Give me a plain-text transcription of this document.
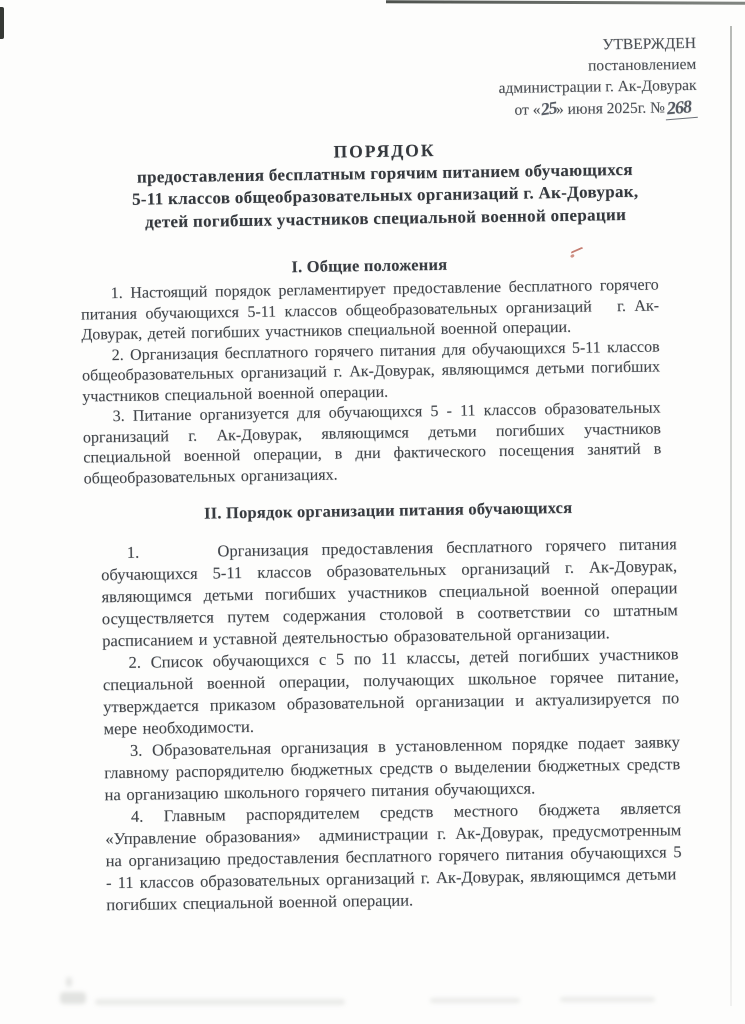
УТВЕРЖДЕН
постановлением
администрации г. Ак-Довурак
от «25» июня 2025г. №268
ПОРЯДОК
предоставления бесплатным горячим питанием обучающихся
5-11 классов общеобразовательных организаций г. Ак-Довурак,
детей погибших участников специальной военной операции
I. Общие положения

1. Настоящий порядок регламентирует предоставление бесплатного горячего питания обучающихся 5-11 классов общеобразовательных организаций   г. Ак-Довурак, детей погибших участников специальной военной операции.

2. Организация бесплатного горячего питания для обучающихся 5-11 классов общеобразовательных организаций г. Ак-Довурак, являющимся детьми погибших участников специальной военной операции.

3. Питание организуется для обучающихся 5 - 11 классов образовательных организаций г. Ак-Довурак, являющимся детьми погибших участников специальной военной операции, в дни фактического посещения занятий в общеобразовательных организациях.

II. Порядок организации питания обучающихся

1.      Организация предоставления бесплатного горячего питания обучающихся 5-11 классов образовательных организаций г. Ак-Довурак, являющимся детьми погибших участников специальной военной операции осуществляется путем содержания столовой в соответствии со штатным расписанием и уставной деятельностью образовательной организации.

2. Список обучающихся с 5 по 11 классы, детей погибших участников специальной военной операции, получающих школьное горячее питание, утверждается приказом образовательной организации и актуализируется по мере необходимости.

3. Образовательная организация в установленном порядке подает заявку главному распорядителю бюджетных средств о выделении бюджетных средств на организацию школьного горячего питания обучающихся.

4. Главным распорядителем средств местного бюджета является «Управление образования»  администрации г. Ак-Довурак, предусмотренным на организацию предоставления бесплатного горячего питания обучающихся 5 - 11 классов образовательных организаций г. Ак-Довурак, являющимся детьми  погибших специальной военной операции.
